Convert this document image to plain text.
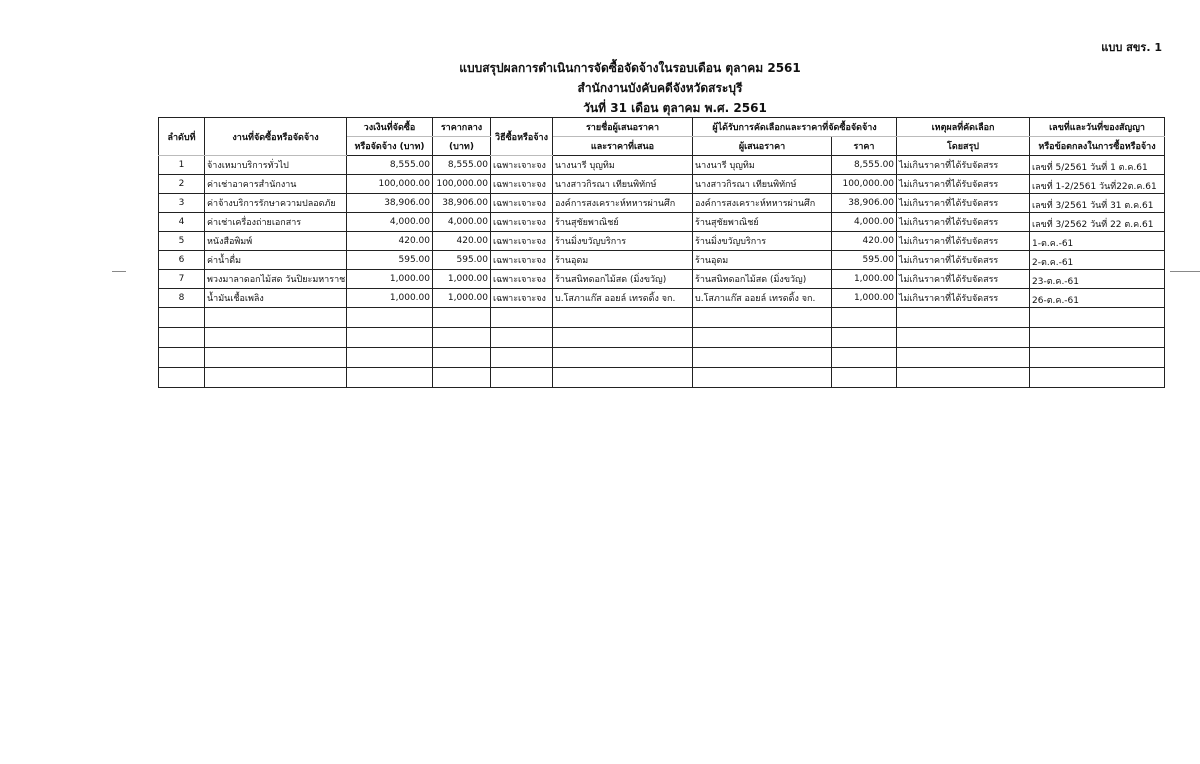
แบบ สขร. 1
แบบสรุปผลการดำเนินการจัดซื้อจัดจ้างในรอบเดือน ตุลาคม 2561
สำนักงานบังคับคดีจังหวัดสระบุรี
วันที่ 31 เดือน ตุลาคม พ.ศ. 2561
ลำดับที่	งานที่จัดซื้อหรือจัดจ้าง	วงเงินที่จัดซื้อ	ราคากลาง	วิธีซื้อหรือจ้าง	รายชื่อผู้เสนอราคา	ผู้ได้รับการคัดเลือกและราคาที่จัดซื้อจัดจ้าง		เหตุผลที่คัดเลือก	เลขที่และวันที่ของสัญญา
		หรือจัดจ้าง (บาท)	(บาท)		และราคาที่เสนอ	ผู้เสนอราคา	ราคา	โดยสรุป	หรือข้อตกลงในการซื้อหรือจ้าง
1	จ้างเหมาบริการทั่วไป	8,555.00	8,555.00	เฉพาะเจาะจง	นางนารี บุญทิม	นางนารี บุญทิม	8,555.00	ไม่เกินราคาที่ได้รับจัดสรร	เลขที่ 5/2561 วันที่ 1 ต.ค.61
2	ค่าเช่าอาคารสำนักงาน	100,000.00	100,000.00	เฉพาะเจาะจง	นางสาวกิรณา เทียนพิทักษ์	นางสาวกิรณา เทียนพิทักษ์	100,000.00	ไม่เกินราคาที่ได้รับจัดสรร	เลขที่ 1-2/2561 วันที่22ต.ค.61
3	ค่าจ้างบริการรักษาความปลอดภัย	38,906.00	38,906.00	เฉพาะเจาะจง	องค์การสงเคราะห์ทหารผ่านศึก	องค์การสงเคราะห์ทหารผ่านศึก	38,906.00	ไม่เกินราคาที่ได้รับจัดสรร	เลขที่ 3/2561 วันที่ 31 ต.ค.61
4	ค่าเช่าเครื่องถ่ายเอกสาร	4,000.00	4,000.00	เฉพาะเจาะจง	ร้านสุชัยพาณิชย์	ร้านสุชัยพาณิชย์	4,000.00	ไม่เกินราคาที่ได้รับจัดสรร	เลขที่ 3/2562 วันที่ 22 ต.ค.61
5	หนังสือพิมพ์	420.00	420.00	เฉพาะเจาะจง	ร้านมิ่งขวัญบริการ	ร้านมิ่งขวัญบริการ	420.00	ไม่เกินราคาที่ได้รับจัดสรร	1-ต.ค.-61
6	ค่าน้ำดื่ม	595.00	595.00	เฉพาะเจาะจง	ร้านอุดม	ร้านอุดม	595.00	ไม่เกินราคาที่ได้รับจัดสรร	2-ต.ค.-61
7	พวงมาลาดอกไม้สด วันปิยะมหาราช	1,000.00	1,000.00	เฉพาะเจาะจง	ร้านสนิทดอกไม้สด (มิ่งขวัญ)	ร้านสนิทดอกไม้สด (มิ่งขวัญ)	1,000.00	ไม่เกินราคาที่ได้รับจัดสรร	23-ต.ค.-61
8	น้ำมันเชื้อเพลิง	1,000.00	1,000.00	เฉพาะเจาะจง	บ.โสภาแก๊ส ออยล์ เทรดดิ้ง จก.	บ.โสภาแก๊ส ออยล์ เทรดดิ้ง จก.	1,000.00	ไม่เกินราคาที่ได้รับจัดสรร	26-ต.ค.-61
